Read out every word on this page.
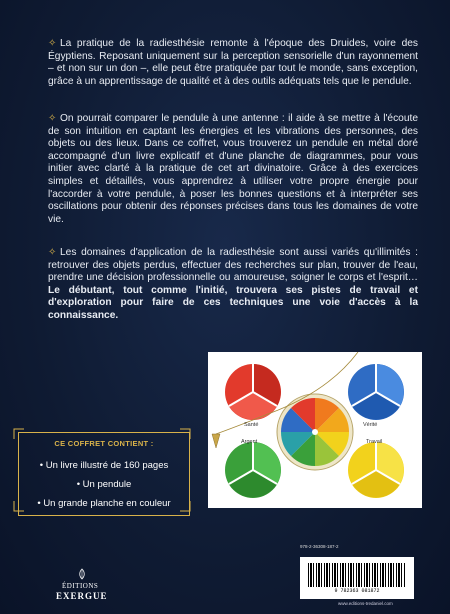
✧ La pratique de la radiesthésie remonte à l'époque des Druides, voire des Égyptiens. Reposant uniquement sur la perception sensorielle d'un rayonnement – et non sur un don –, elle peut être pratiquée par tout le monde, sans exception, grâce à un apprentissage de qualité et à des outils adéquats tels que le pendule.
✧ On pourrait comparer le pendule à une antenne : il aide à se mettre à l'écoute de son intuition en captant les énergies et les vibrations des personnes, des objets ou des lieux. Dans ce coffret, vous trouverez un pendule en métal doré accompagné d'un livre explicatif et d'une planche de diagrammes, pour vous initier avec clarté à la pratique de cet art divinatoire. Grâce à des exercices simples et détaillés, vous apprendrez à utiliser votre propre énergie pour l'accorder à votre pendule, à poser les bonnes questions et à interpréter ses oscillations pour obtenir des réponses précises dans tous les domaines de votre vie.
✧ Les domaines d'application de la radiesthésie sont aussi variés qu'illimités : retrouver des objets perdus, effectuer des recherches sur plan, trouver de l'eau, prendre une décision professionnelle ou amoureuse, soigner le corps et l'esprit… Le débutant, tout comme l'initié, trouvera ses pistes de travail et d'exploration pour faire de ces techniques une voie d'accès à la connaissance.
CE COFFRET CONTIENT :
• Un livre illustré de 160 pages
• Un pendule
• Un grande planche en couleur
Santé	Vérité
Argent	Travail
ÉDITIONS
EXERGUE
978-2-36308-187-2
9 782363 081872
www.editions-tredaniel.com
